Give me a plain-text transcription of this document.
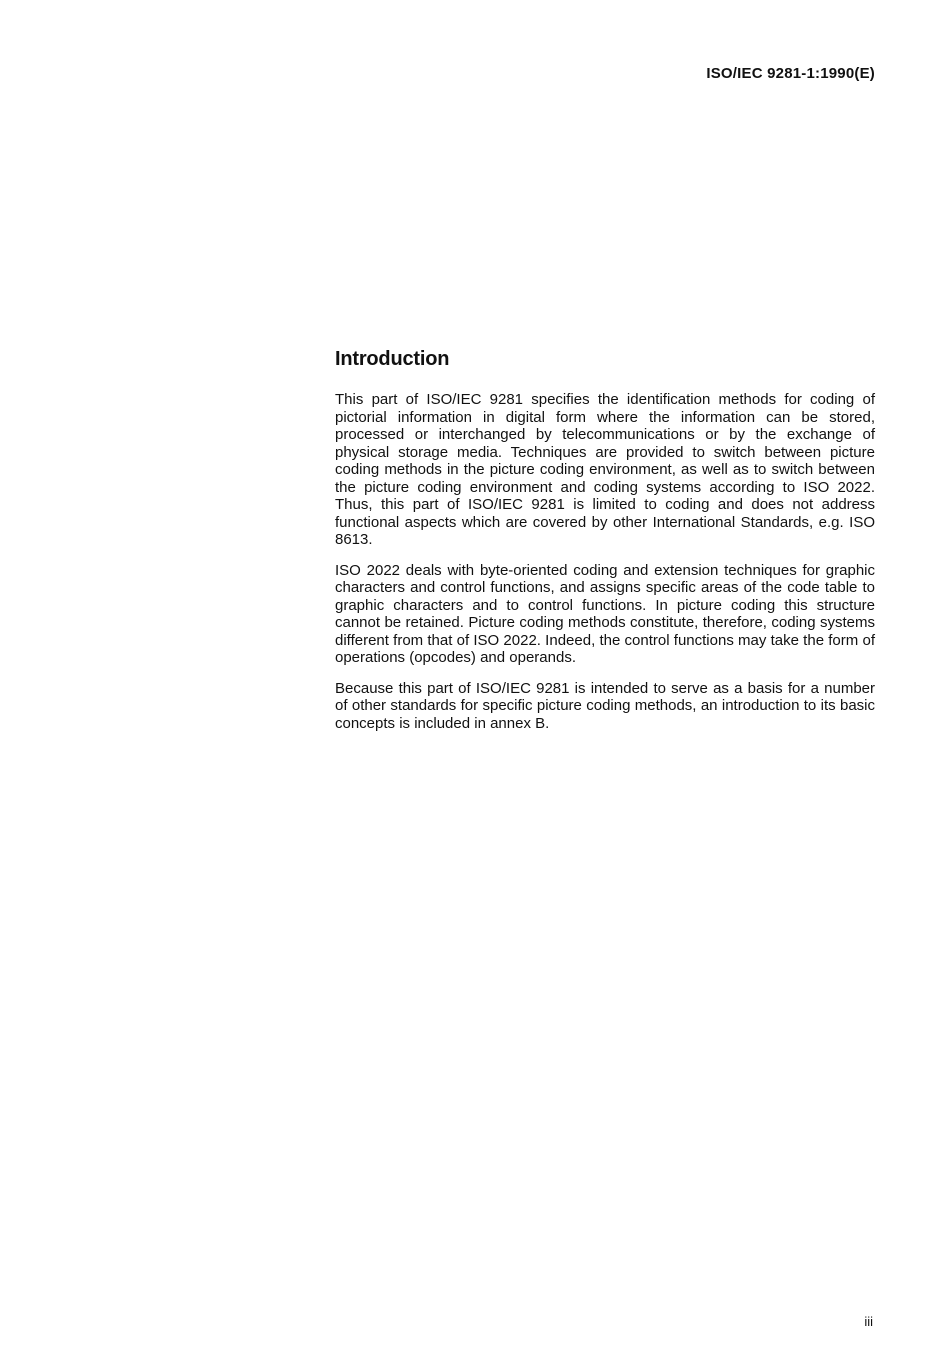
ISO/IEC 9281-1:1990(E)
Introduction

This part of ISO/IEC 9281 specifies the identification methods for coding of pictorial information in digital form where the information can be stored, processed or interchanged by telecommunications or by the exchange of physical storage media. Techniques are provided to switch between picture coding methods in the picture coding environment, as well as to switch between the picture coding environment and coding systems according to ISO 2022. Thus, this part of ISO/IEC 9281 is limited to coding and does not address functional aspects which are covered by other International Standards, e.g. ISO 8613.

ISO 2022 deals with byte-oriented coding and extension techniques for graphic characters and control functions, and assigns specific areas of the code table to graphic characters and to control functions. In picture coding this structure cannot be retained. Picture coding methods constitute, therefore, coding systems different from that of ISO 2022. Indeed, the control functions may take the form of operations (opcodes) and operands.

Because this part of ISO/IEC 9281 is intended to serve as a basis for a number of other standards for specific picture coding methods, an introduction to its basic concepts is included in annex B.

iii
